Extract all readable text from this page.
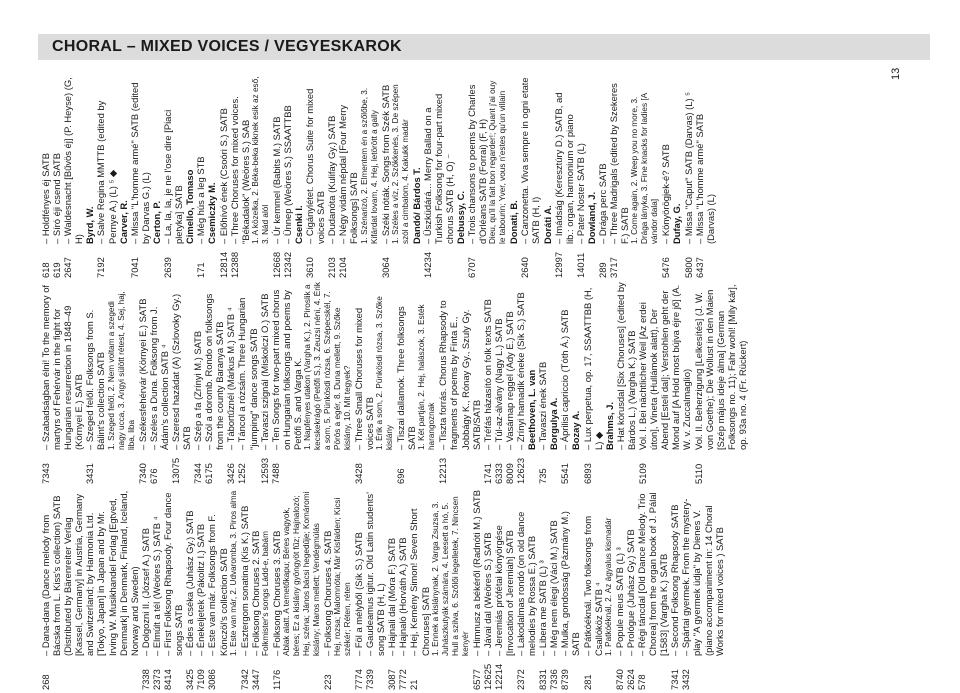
CHORAL – MIXED VOICES / VEGYESKAROK
13
268
– Dana-dana (Dance melody from Bácska from L. Kiss's collection) SATB (Distributed by Bärenreiter Verlag [Kassel, Germany] in Austria, Germany and Switzerland; by Harmonia Ltd. [Tokyo, Japan] in Japan and by Mr. Irving W. Musikhandel Forlag [Egtved, Denmark] in Denmark, Finland, Iceland, Norway and Sweden)
7338
– Dolgozni II. (József A.) SATB
2373
– Elmúlt a tél (Weöres S.) SATB ⁴
8414
– First Folksong Rhapsody. Four dance songs SATB
3425
– Édes a cséka (Juhász Gy.) SATB
7109
– Énekeljetek (Pákolitz I.) SATB
3086
– Este van már. Folksongs from F. Könczöl's collection SATB 1. Este van már, 2. Udvaromba, 3. Piros alma
7342
– Esztergom sonatina (Kis K.) SATB
3447
– Folksong Choruses 2. SATB Folkmister's songs Ládd-e, babám
1176
– Folksong Choruses 3. SATB Ablak alatt. A temetőkapu; Béres vagyok, béres; Ez a kislány gyöngyöt fűz; Hajnalozó; Hej, széna; János bácsi hegedűje; Komáromi kislány; Maros mellett; Vendégmúlás
223
– Folksong Choruses 4. SATB Hej, rozsa; Malomnóta; Már Kisfalden; Kicsi székér; Réten, réten
7774
– Föl a mélyből (Sík S.) SATB
7339
– Gaudeamus igitur. Old Latin students' song SATB (H, L)
3087
– Hajnali dal (Móra F.) SATB
7772
– Hajnaló (Horváth A.) SATB
21
– Hej, Kemény Simon! Seven Short Choruses] SATB 1. Ennek a kislánynak, 2. Varga Zsuzsa, 3. Juhászkutyák számára, 4. Leesett a hó, 5. Hull a szilva, 6. Szőlői legelletek, 7. Nincsen kenyér
6577
– Himnusz a békéről (Radnóti M.) SATB
12625
– Jávai dal (Weöres S.) SATB
12214
– Jeremiás prófétai könyörgése [Invocation of Jeremiah] SATB
2372
– Lakodalmas rondó (on old dance melodies by Rossa E.) SATB
8331
– Libera me SATB (L) ³
7336
– Még nem élegi (Váci M.) SATB
8739
– Mulka, gondosság (Pázmány M.) SATB
281
– Pátkóéknál. Two folksongs from Csallóköz SATB ⁴ 1. Patkóéknál, 2. Az ágyalus kismadár
8740
– Popule meus SATB (L) ³
2624
– Prológue (Juhász Gy.) SATB
578
– Régi táncdal [Old Dance Melody. Trio Chorea] from the organ book of J. Pálal [1583] (Vargha K.) SATB
7341
– Second Folksong Rhapsody SATB
3432
– Spártai gyermek. From the mystery-play "A gyermek üdja" by Dienes V. (piano accompaniment in: 14 Choral Works for mixed voices ) SATB
7343
– Szabadságban élni! To the memory of martyrs of Fehérvár in the fight for Hungarian resurrection in 1848–49 (Környei E.) SATB
3431
– Szeged felől. Folksongs from S. Bálint's collection SATB 1. Szeged felől, 2. Nem voltam a szegedi nagy ucca, 3. Angyi sülött rétest, 4. Sej, haj, liba, liba
7340
– Székesfehérvár (Környei E.) SATB
676
– Széles a Duna. Folksong from J. Ádám's collection SATB ⁴
13075
– Szeresd hazádat (A) (Szlovoky Gy.) SATB
7344
– Szép a fa (Zrínyi M.) SATB
6175
– Szól a doromb. Rondo on folksongs from the county Baranya SATB
3426
– Tábortűznél (Márkus M.) SATB ⁴
1252
– Táncol a rózsám. Three Hungarian "jumping" dance songs SATB
12593
– Tavaszi szignál (Miskolczi O.) SATB
7488
– Ten Songs for two-part mixed chorus on Hungarian folksongs and poems by Petőfi S. and Varga K. 1. Napfényes utakon (Vargha K.), 2. Piroslik a kecskekrágó (Petőfi S.), 3. Zeuzsi néni, 4. Érik a som, 5. Pünkösdi rózsa, 6. Szépecskél, 7. Pörös a egér, 8. Duna mellett, 9. Szőke kislány, 10. Mit tegyek?
3428
– Three Small Choruses for mixed voices SATB 1. Érik a som, 2. Pünkösdi rózsa, 3. Szőke kislány
696
– Tiszai dallamok. Three folksongs SATB 1. Két partján, 2. Hej, halászok, 3. Esték harangoznak
12213
– Tiszta forrás. Chorus Rhapsody to fragments of poems by Fínta E., Jobbágy K., Rónay Gy., Szuly Gy. SATB/SATB
1741
– Tréfás házasító on folk texts SATB
6333
– Túl-az-álvány (Nagy L.) SATB
8009
– Vasárnap reggel (Ady E.) SATB
12623
– Zrínyi hamadik éneke (Sík S.) SATB Beethoven, L. van
735
– Tavaszi ének SATB Borgulya A.
5541
– Áprilisi capriccio (Tóth Á.) SATB Bozay A.
6893
– Lux perpetua, op. 17, SSAATTBB (H, L) ◆ Brahms, J. – Hat kórusdal [Six Choruses] (edited by Bárdos L.) (Vargha K.) SATB
5109
Vol. I. Bei nächtlicher Weil [Az erdei úton], Vineta (Hullámok alatt), Der Abend [Esteli dal]; Verstohlen geht der Mond auf [A Hold most bújva éjre jő] (A. W. v. Zuccalmaglio)
5110
Vol. II. Beherzigung [Lelkesítés] (J. W. von Goethe); Die Wollust in den Maien [Szép május ideje álma] (German Folksongs no. 11); Fahr wohl! [Mily kár], op. 93a no. 4 (Fr. Rückert)
618
– Holdfényes éj SATB
619
– Síró éji csend SATB
2647
– Waldesnacht [Bűvös éj] (P. Heyse) (G, H) Byrd, W.
7192
– Salve Regina MMTTB (edited by Pernye A.) (L) ⁵ ◆ Carver, R.
7041
– Missa "L'homme armé" SATB (edited by Darvas G.) (L) Certon, P.
2639
– La, la, la, je ne l'ose dire [Piaci pletyka] SATB Cimello, Tomaso
171
– Még hús a leg STB Csemiczky M.
12814
– Előhívó ének (Csoóri S.) SATB
12388
– Three Choruses for mixed voices. "Békadalok" (Weöres S.) SAB 1. A közelka, 2. Béka-beka kiknek esik az eső, 3. Nád alól
12668
– Úr kemmel (Babits M.) SATB
12342
– Ünnep (Weöres S.) SSAATTBB Csenki I.
3610
– Cigánylétet. Chorus Suite for mixed voices SATB
2103
– Dudanóta (Kulifay Gy.) SATB
2104
– Négy vidám népdal [Four Merry Folksongs] SATB 1. Szénarizó, 2. Elmentem én a szőlőbe, 3. Kifárdat lovam, 4. Hej, letörött a gally
3064
– Széki nóták. Songs from Szék SATB 1. Széles a víz, 2. Szökkenés, 3. De szépen szól a cimbalom, 4. Kakukk madár Dandó/ Bárdos T.
14234
– Üszküdárá... Merry Ballad on a Turkish Folksong for four-part mixed chorus SATB (H, O) ⁻ Debussy, C.
6707
– Trois chansons to poems by Charles d'Orléans SATB (Forrai) (F, H) Dieu, qu'il la fait bon regarder!; Quant j'ai ouy le tabourin; Yver, vous n'estes qu'un villain Donati, B.
2640
– Canzonetta. Viva sempre in ogni etate SATB (H, I) Doráti A.
12997
– Imádság (Keresztúry D.) SATB, ad lib.: organ, harmonium or piano
14011
– Pater Noster SATB (L) Dowland, J.
289
– Drága perc SATB
3717
– Three Madrigals (edited by Szekeres F.) SATB 1. Come again, 2. Weep you no more, 3. Drága lányka, 3. Fine knacks for ladies [A vándor dala]
5476
– Könyörögjek-é? SATB Dufay, G.
5800
– Missa "Caput" SATB (Darvas) (L) ⁵
6437
– Missa "L'homme armé" SATB (Darvas) (L)
